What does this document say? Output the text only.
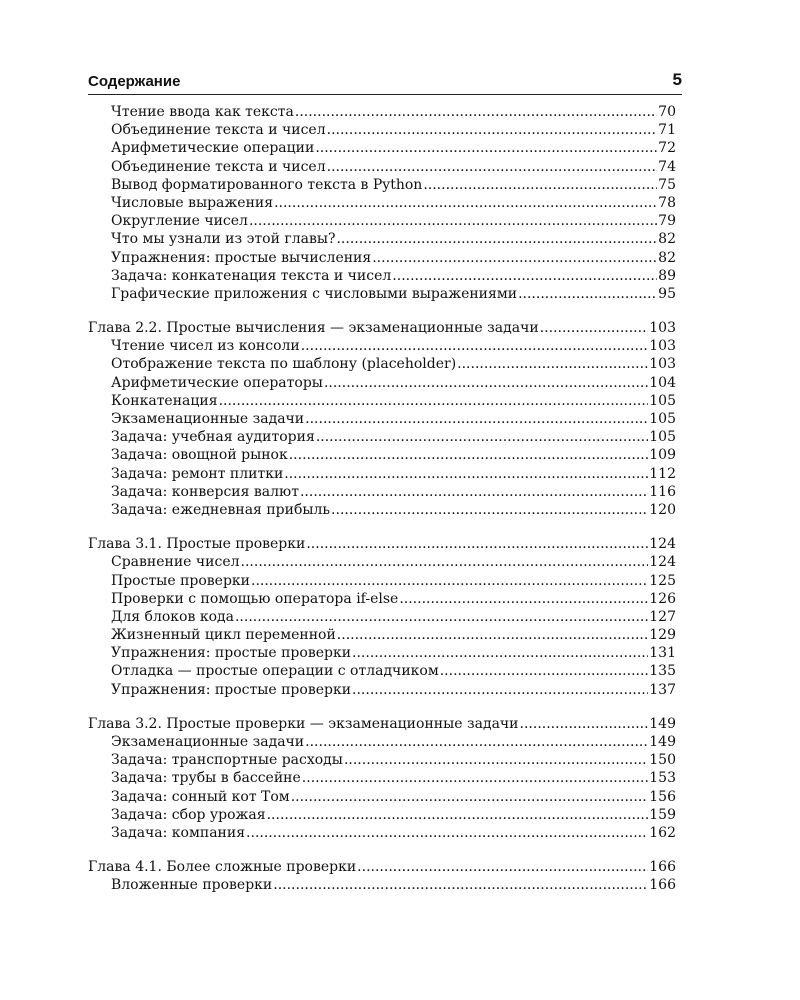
Содержание	5
Чтение ввода как текста .....	70
Объединение текста и чисел .....	71
Арифметические операции .....	72
Объединение текста и чисел .....	74
Вывод форматированного текста в Python .....	75
Числовые выражения .....	78
Округление чисел .....	79
Что мы узнали из этой главы? .....	82
Упражнения: простые вычисления .....	82
Задача: конкатенация текста и чисел .....	89
Графические приложения с числовыми выражениями .....	95
Глава 2.2. Простые вычисления — экзаменационные задачи .....	103
Чтение чисел из консоли .....	103
Отображение текста по шаблону (placeholder) .....	103
Арифметические операторы .....	104
Конкатенация .....	105
Экзаменационные задачи .....	105
Задача: учебная аудитория .....	105
Задача: овощной рынок .....	109
Задача: ремонт плитки .....	112
Задача: конверсия валют .....	116
Задача: ежедневная прибыль .....	120
Глава 3.1. Простые проверки .....	124
Сравнение чисел .....	124
Простые проверки .....	125
Проверки с помощью оператора if-else .....	126
Для блоков кода .....	127
Жизненный цикл переменной .....	129
Упражнения: простые проверки .....	131
Отладка — простые операции с отладчиком .....	135
Упражнения: простые проверки .....	137
Глава 3.2. Простые проверки — экзаменационные задачи .....	149
Экзаменационные задачи .....	149
Задача: транспортные расходы .....	150
Задача: трубы в бассейне .....	153
Задача: сонный кот Том .....	156
Задача: сбор урожая .....	159
Задача: компания .....	162
Глава 4.1. Более сложные проверки .....	166
Вложенные проверки .....	166
